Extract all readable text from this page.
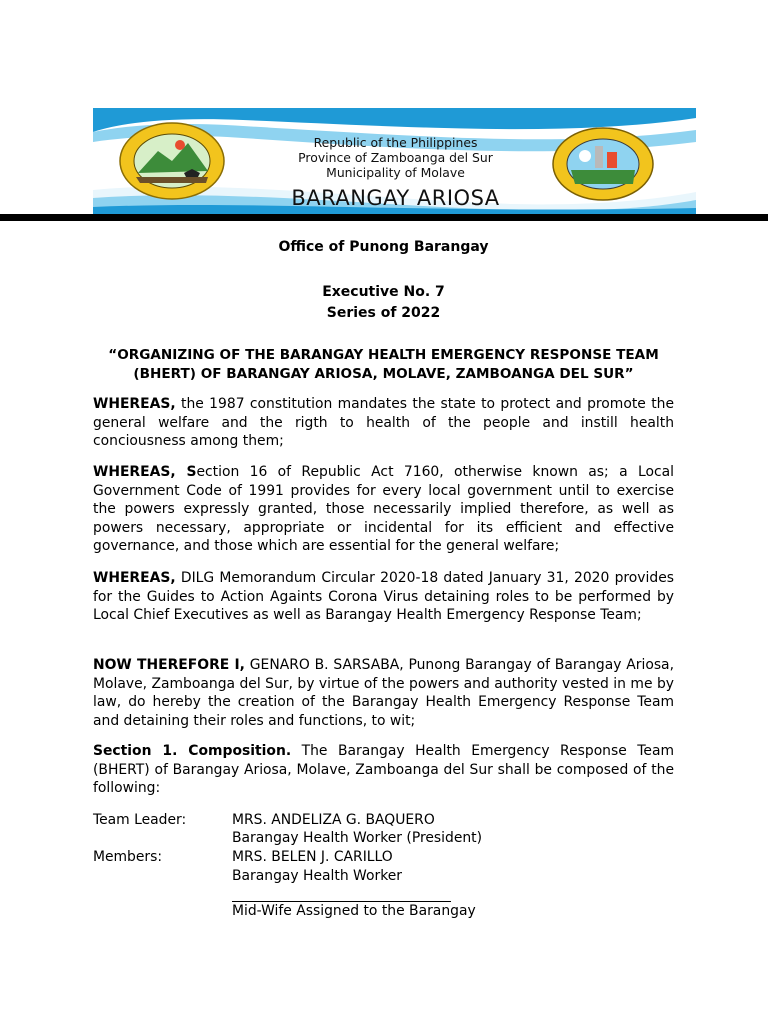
Republic of the Philippines
Province of Zamboanga del Sur
Municipality of Molave
BARANGAY ARIOSA
Office of Punong Barangay
Executive No. 7
Series of 2022
“ORGANIZING OF THE BARANGAY HEALTH EMERGENCY RESPONSE TEAM
(BHERT) OF BARANGAY ARIOSA, MOLAVE, ZAMBOANGA DEL SUR”
WHEREAS, the 1987 constitution mandates the state to protect and promote the general welfare and the rigth to health of the people and instill health conciousness among them;
WHEREAS, Section 16 of Republic Act 7160, otherwise known as; a Local Government Code of 1991 provides for every local government until to exercise the powers expressly granted, those necessarily implied therefore, as well as powers necessary, appropriate or incidental for its efficient and effective governance, and those which are essential for the general welfare;
WHEREAS, DILG Memorandum Circular 2020-18 dated January 31, 2020 provides for the Guides to Action Againts Corona Virus detaining roles to be performed by Local Chief Executives as well as Barangay Health Emergency Response Team;
NOW THEREFORE I, GENARO B. SARSABA, Punong Barangay of Barangay Ariosa, Molave, Zamboanga del Sur, by virtue of the powers and authority vested in me by law, do hereby the creation of the Barangay Health Emergency Response Team and detaining their roles and functions, to wit;
Section 1. Composition. The Barangay Health Emergency Response Team (BHERT) of Barangay Ariosa, Molave, Zamboanga del Sur shall be composed of the following:
Team Leader:	MRS. ANDELIZA G. BAQUERO
Barangay Health Worker (President)
Members:	MRS. BELEN J. CARILLO
Barangay Health Worker
Mid-Wife Assigned to the Barangay
